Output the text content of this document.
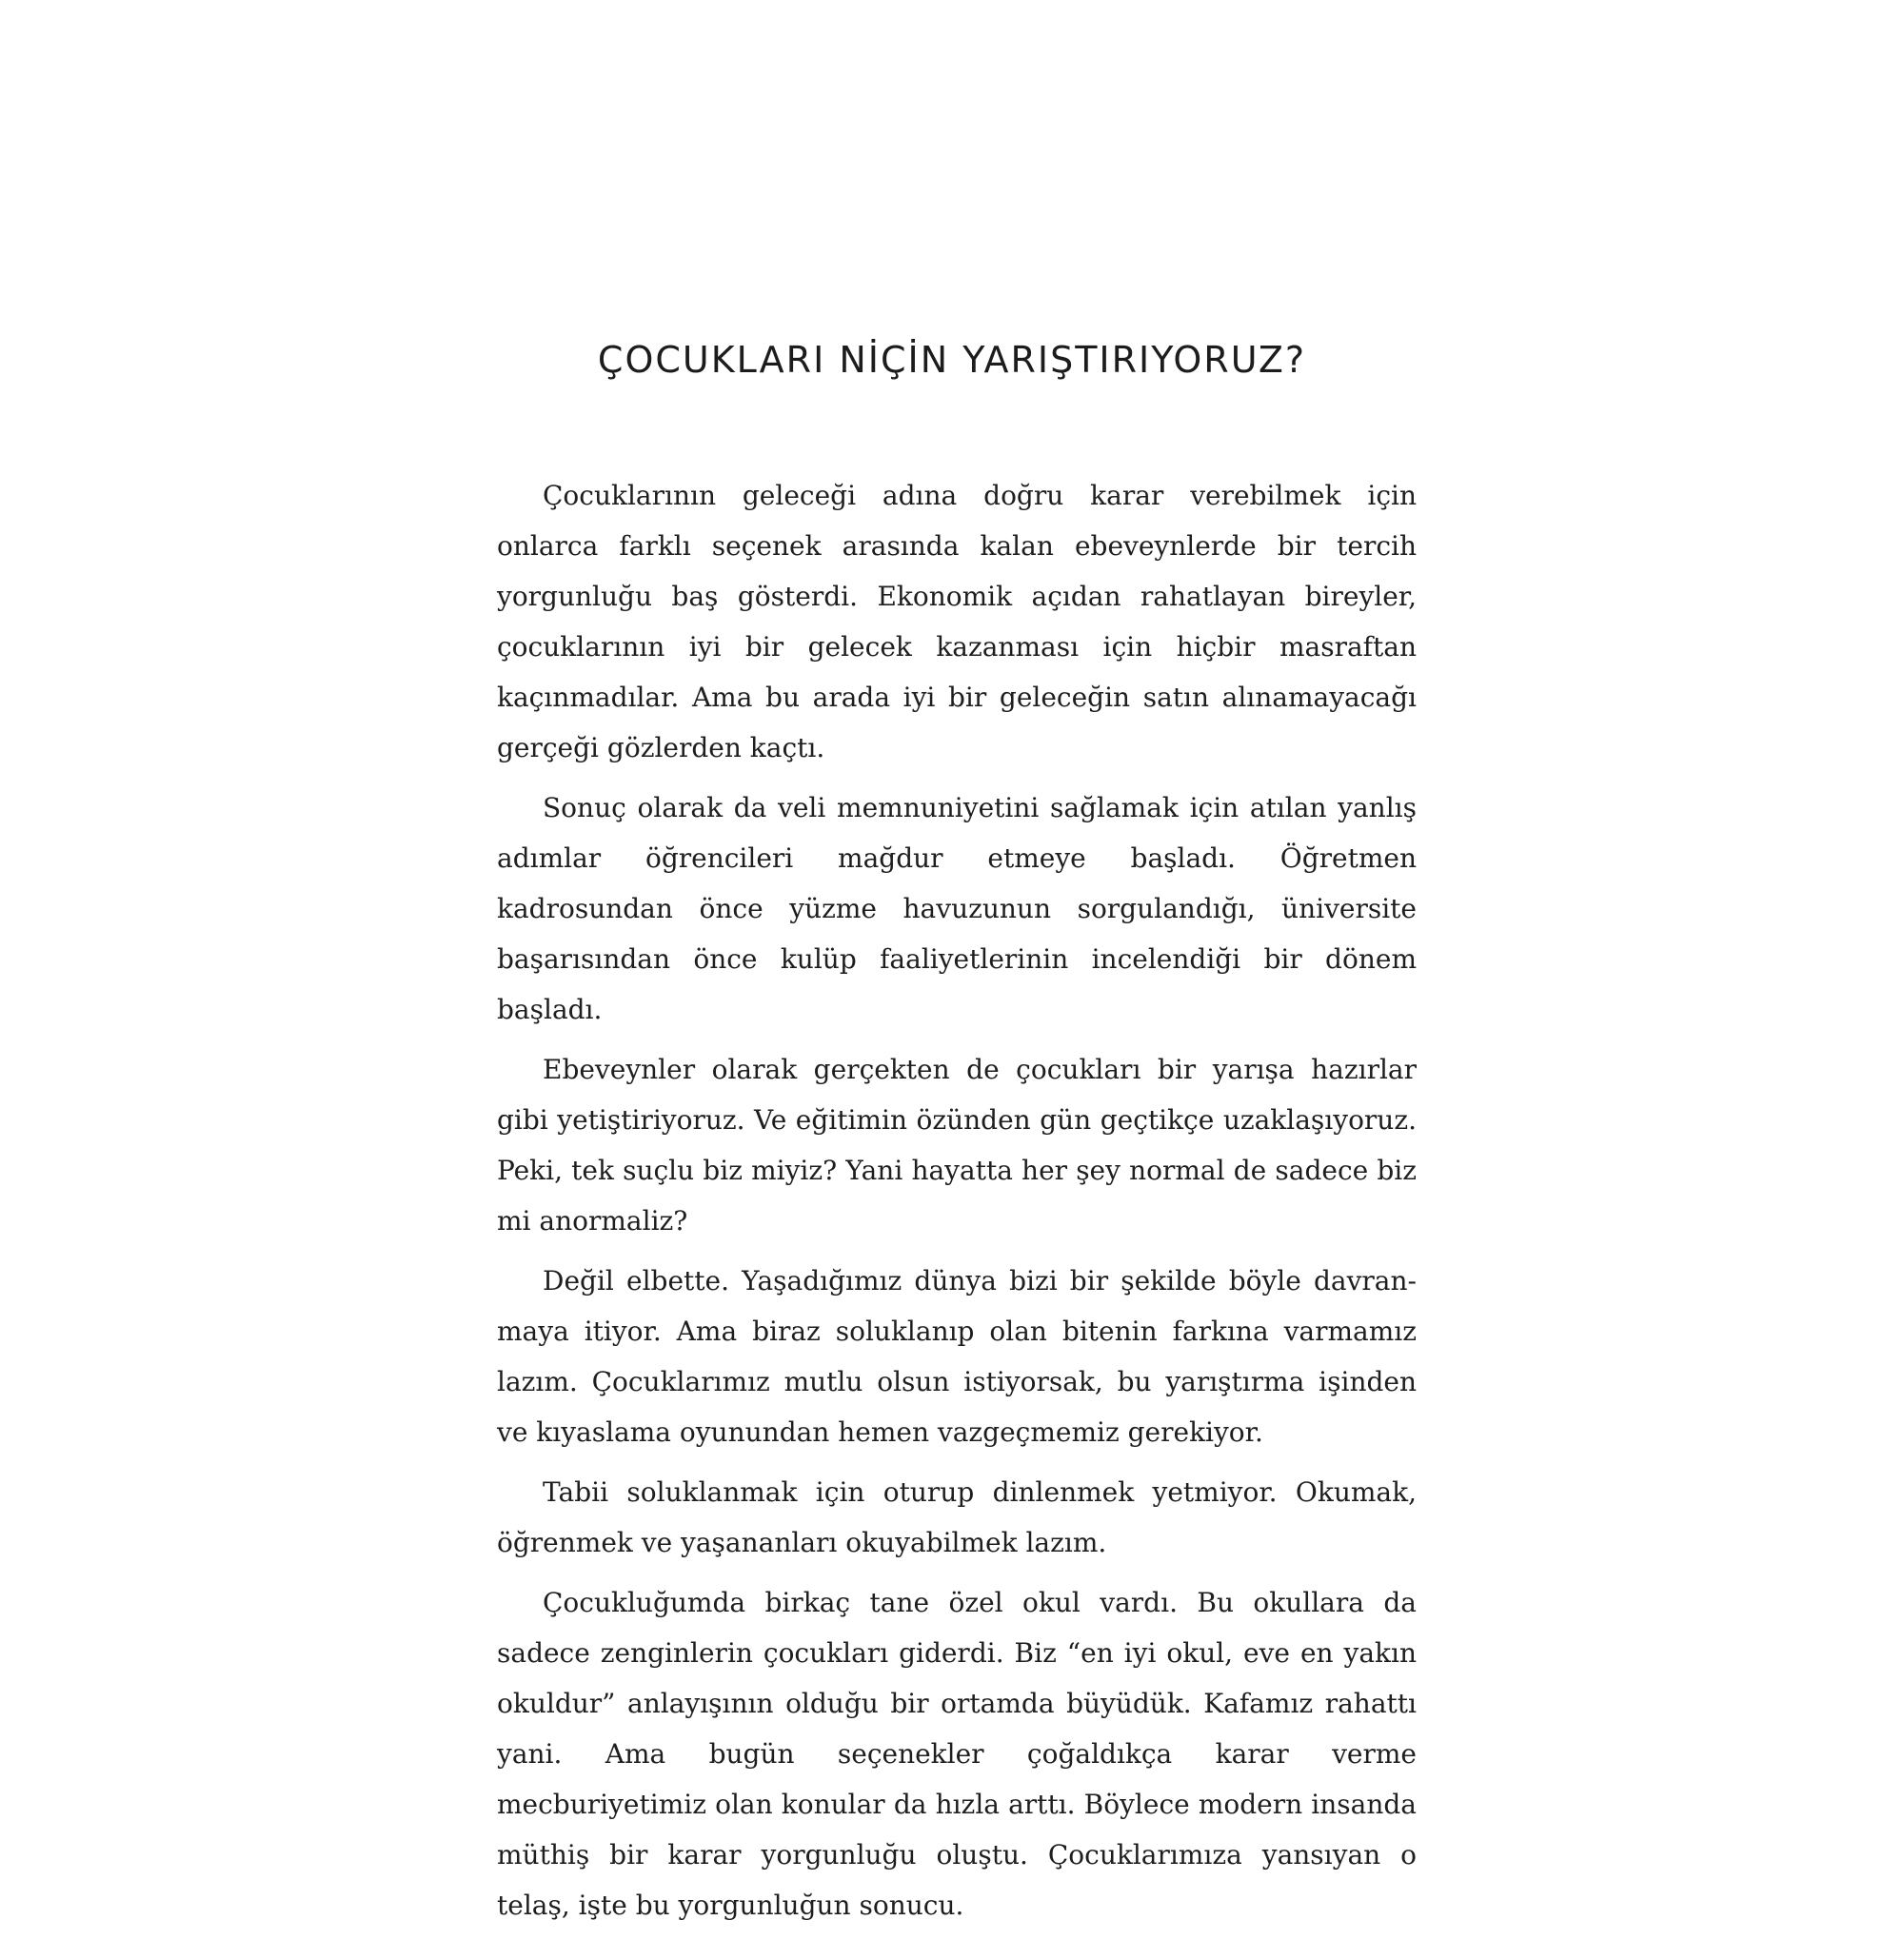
ÇOCUKLARI NİÇİN YARIŞTIRIYORUZ?

Çocuklarının geleceği adına doğru karar verebilmek için onlarca farklı seçenek arasında kalan ebeveynlerde bir tercih yorgunluğu baş gösterdi. Ekonomik açıdan rahatlayan bireyler, çocuklarının iyi bir gelecek kazanması için hiçbir masraftan kaçınmadılar. Ama bu arada iyi bir geleceğin satın alınamayacağı gerçeği gözlerden kaçtı.

Sonuç olarak da veli memnuniyetini sağlamak için atılan yanlış adımlar öğrencileri mağdur etmeye başladı. Öğretmen kadrosundan önce yüzme havuzunun sorgulandığı, üniversite başarısından önce kulüp faaliyetlerinin incelendiği bir dönem başladı.

Ebeveynler olarak gerçekten de çocukları bir yarışa hazırlar gibi yetiştiriyoruz. Ve eğitimin özünden gün geçtikçe uzaklaşıyoruz. Peki, tek suçlu biz miyiz? Yani hayatta her şey normal de sadece biz mi anormaliz?

Değil elbette. Yaşadığımız dünya bizi bir şekilde böyle davranmaya itiyor. Ama biraz soluklanıp olan bitenin farkına varmamız lazım. Çocuklarımız mutlu olsun istiyorsak, bu yarıştırma işinden ve kıyaslama oyunundan hemen vazgeçmemiz gerekiyor.

Tabii soluklanmak için oturup dinlenmek yetmiyor. Okumak, öğrenmek ve yaşananları okuyabilmek lazım.

Çocukluğumda birkaç tane özel okul vardı. Bu okullara da sadece zenginlerin çocukları giderdi. Biz “en iyi okul, eve en yakın okuldur” anlayışının olduğu bir ortamda büyüdük. Kafamız rahattı yani. Ama bugün seçenekler çoğaldıkça karar verme mecburiyetimiz olan konular da hızla arttı. Böylece modern insanda müthiş bir karar yorgunluğu oluştu. Çocuklarımıza yansıyan o telaş, işte bu yorgunluğun sonucu.
